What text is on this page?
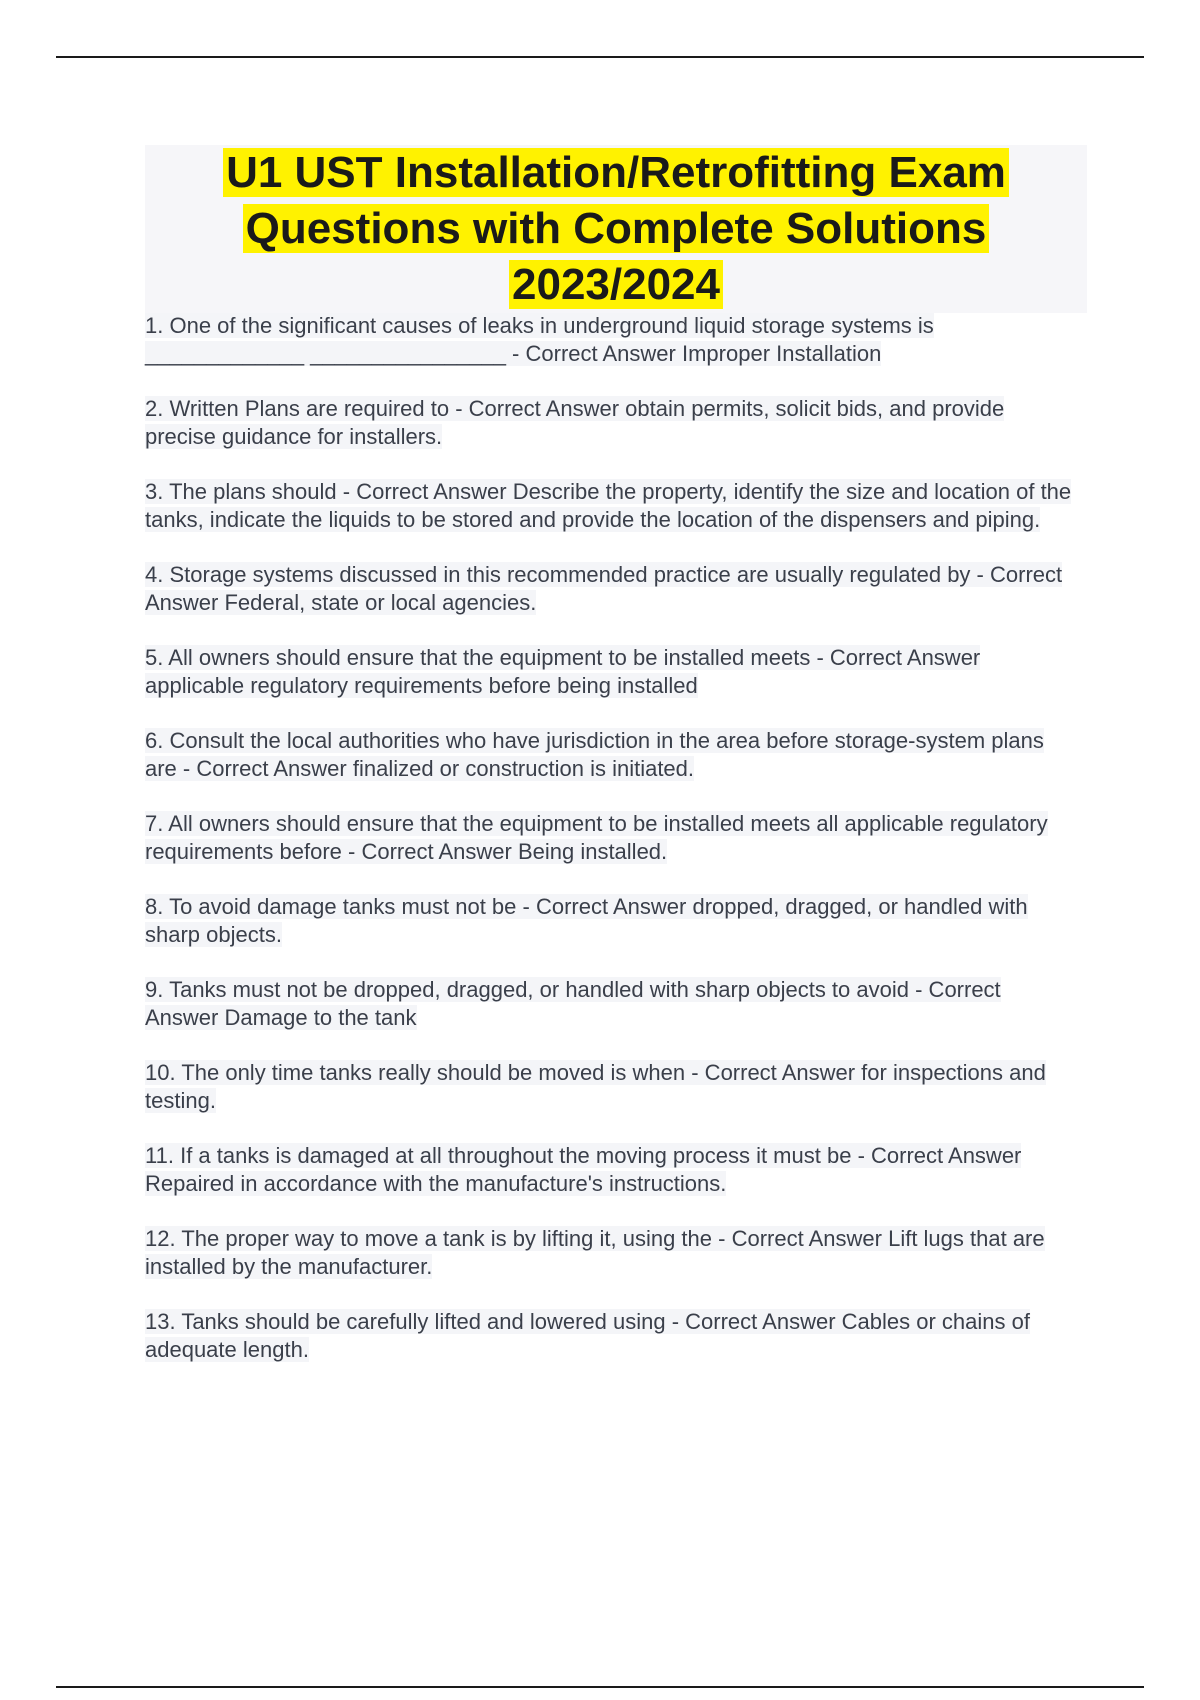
U1 UST Installation/Retrofitting Exam
Questions with Complete Solutions
2023/2024

1. One of the significant causes of leaks in underground liquid storage systems is _____________ ________________ - Correct Answer Improper Installation

2. Written Plans are required to - Correct Answer obtain permits, solicit bids, and provide precise guidance for installers.

3. The plans should - Correct Answer Describe the property, identify the size and location of the tanks, indicate the liquids to be stored and provide the location of the dispensers and piping.

4. Storage systems discussed in this recommended practice are usually regulated by - Correct Answer Federal, state or local agencies.

5. All owners should ensure that the equipment to be installed meets - Correct Answer applicable regulatory requirements before being installed

6. Consult the local authorities who have jurisdiction in the area before storage-system plans are - Correct Answer finalized or construction is initiated.

7. All owners should ensure that the equipment to be installed meets all applicable regulatory requirements before - Correct Answer Being installed.

8. To avoid damage tanks must not be - Correct Answer dropped, dragged, or handled with sharp objects.

9. Tanks must not be dropped, dragged, or handled with sharp objects to avoid - Correct Answer Damage to the tank

10. The only time tanks really should be moved is when - Correct Answer for inspections and testing.

11. If a tanks is damaged at all throughout the moving process it must be - Correct Answer Repaired in accordance with the manufacture's instructions.

12. The proper way to move a tank is by lifting it, using the - Correct Answer Lift lugs that are installed by the manufacturer.

13. Tanks should be carefully lifted and lowered using - Correct Answer Cables or chains of adequate length.
